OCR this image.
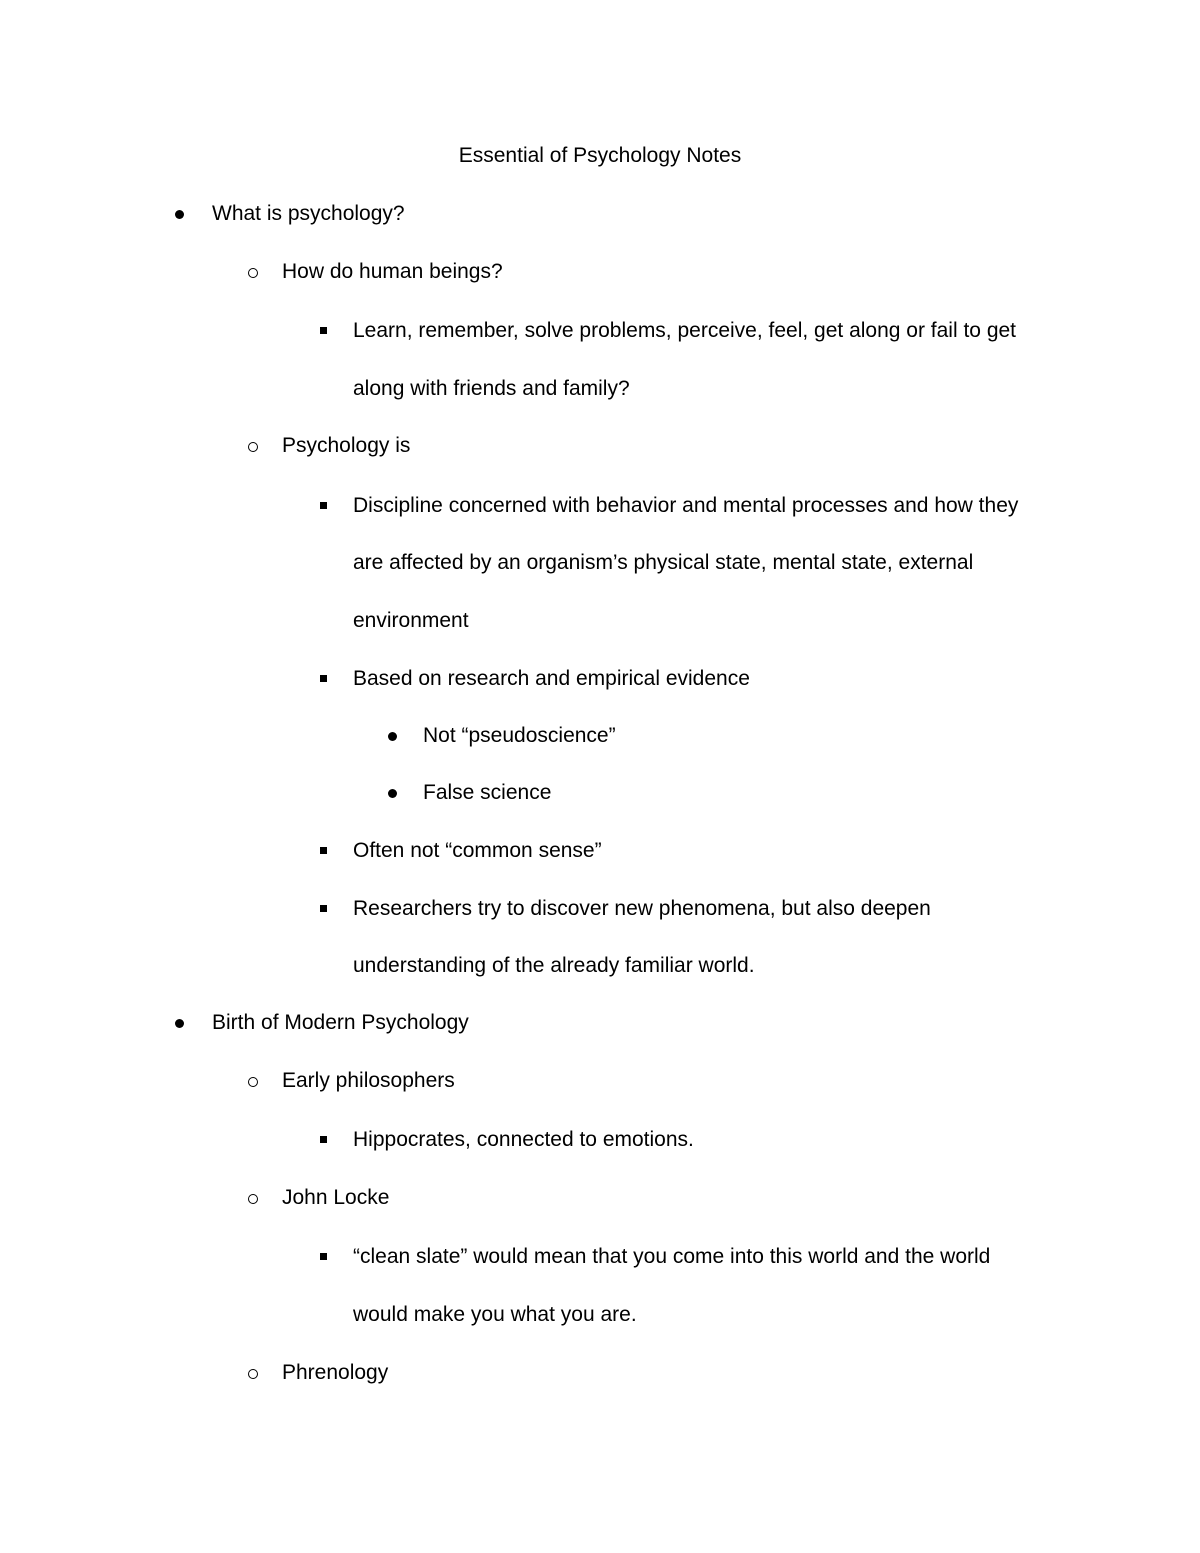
Essential of Psychology Notes
What is psychology?
How do human beings?
Learn, remember, solve problems, perceive, feel, get along or fail to get
along with friends and family?
Psychology is
Discipline concerned with behavior and mental processes and how they
are affected by an organism’s physical state, mental state, external
environment
Based on research and empirical evidence
Not “pseudoscience”
False science
Often not “common sense”
Researchers try to discover new phenomena, but also deepen
understanding of the already familiar world.
Birth of Modern Psychology
Early philosophers
Hippocrates, connected to emotions.
John Locke
“clean slate” would mean that you come into this world and the world
would make you what you are.
Phrenology
